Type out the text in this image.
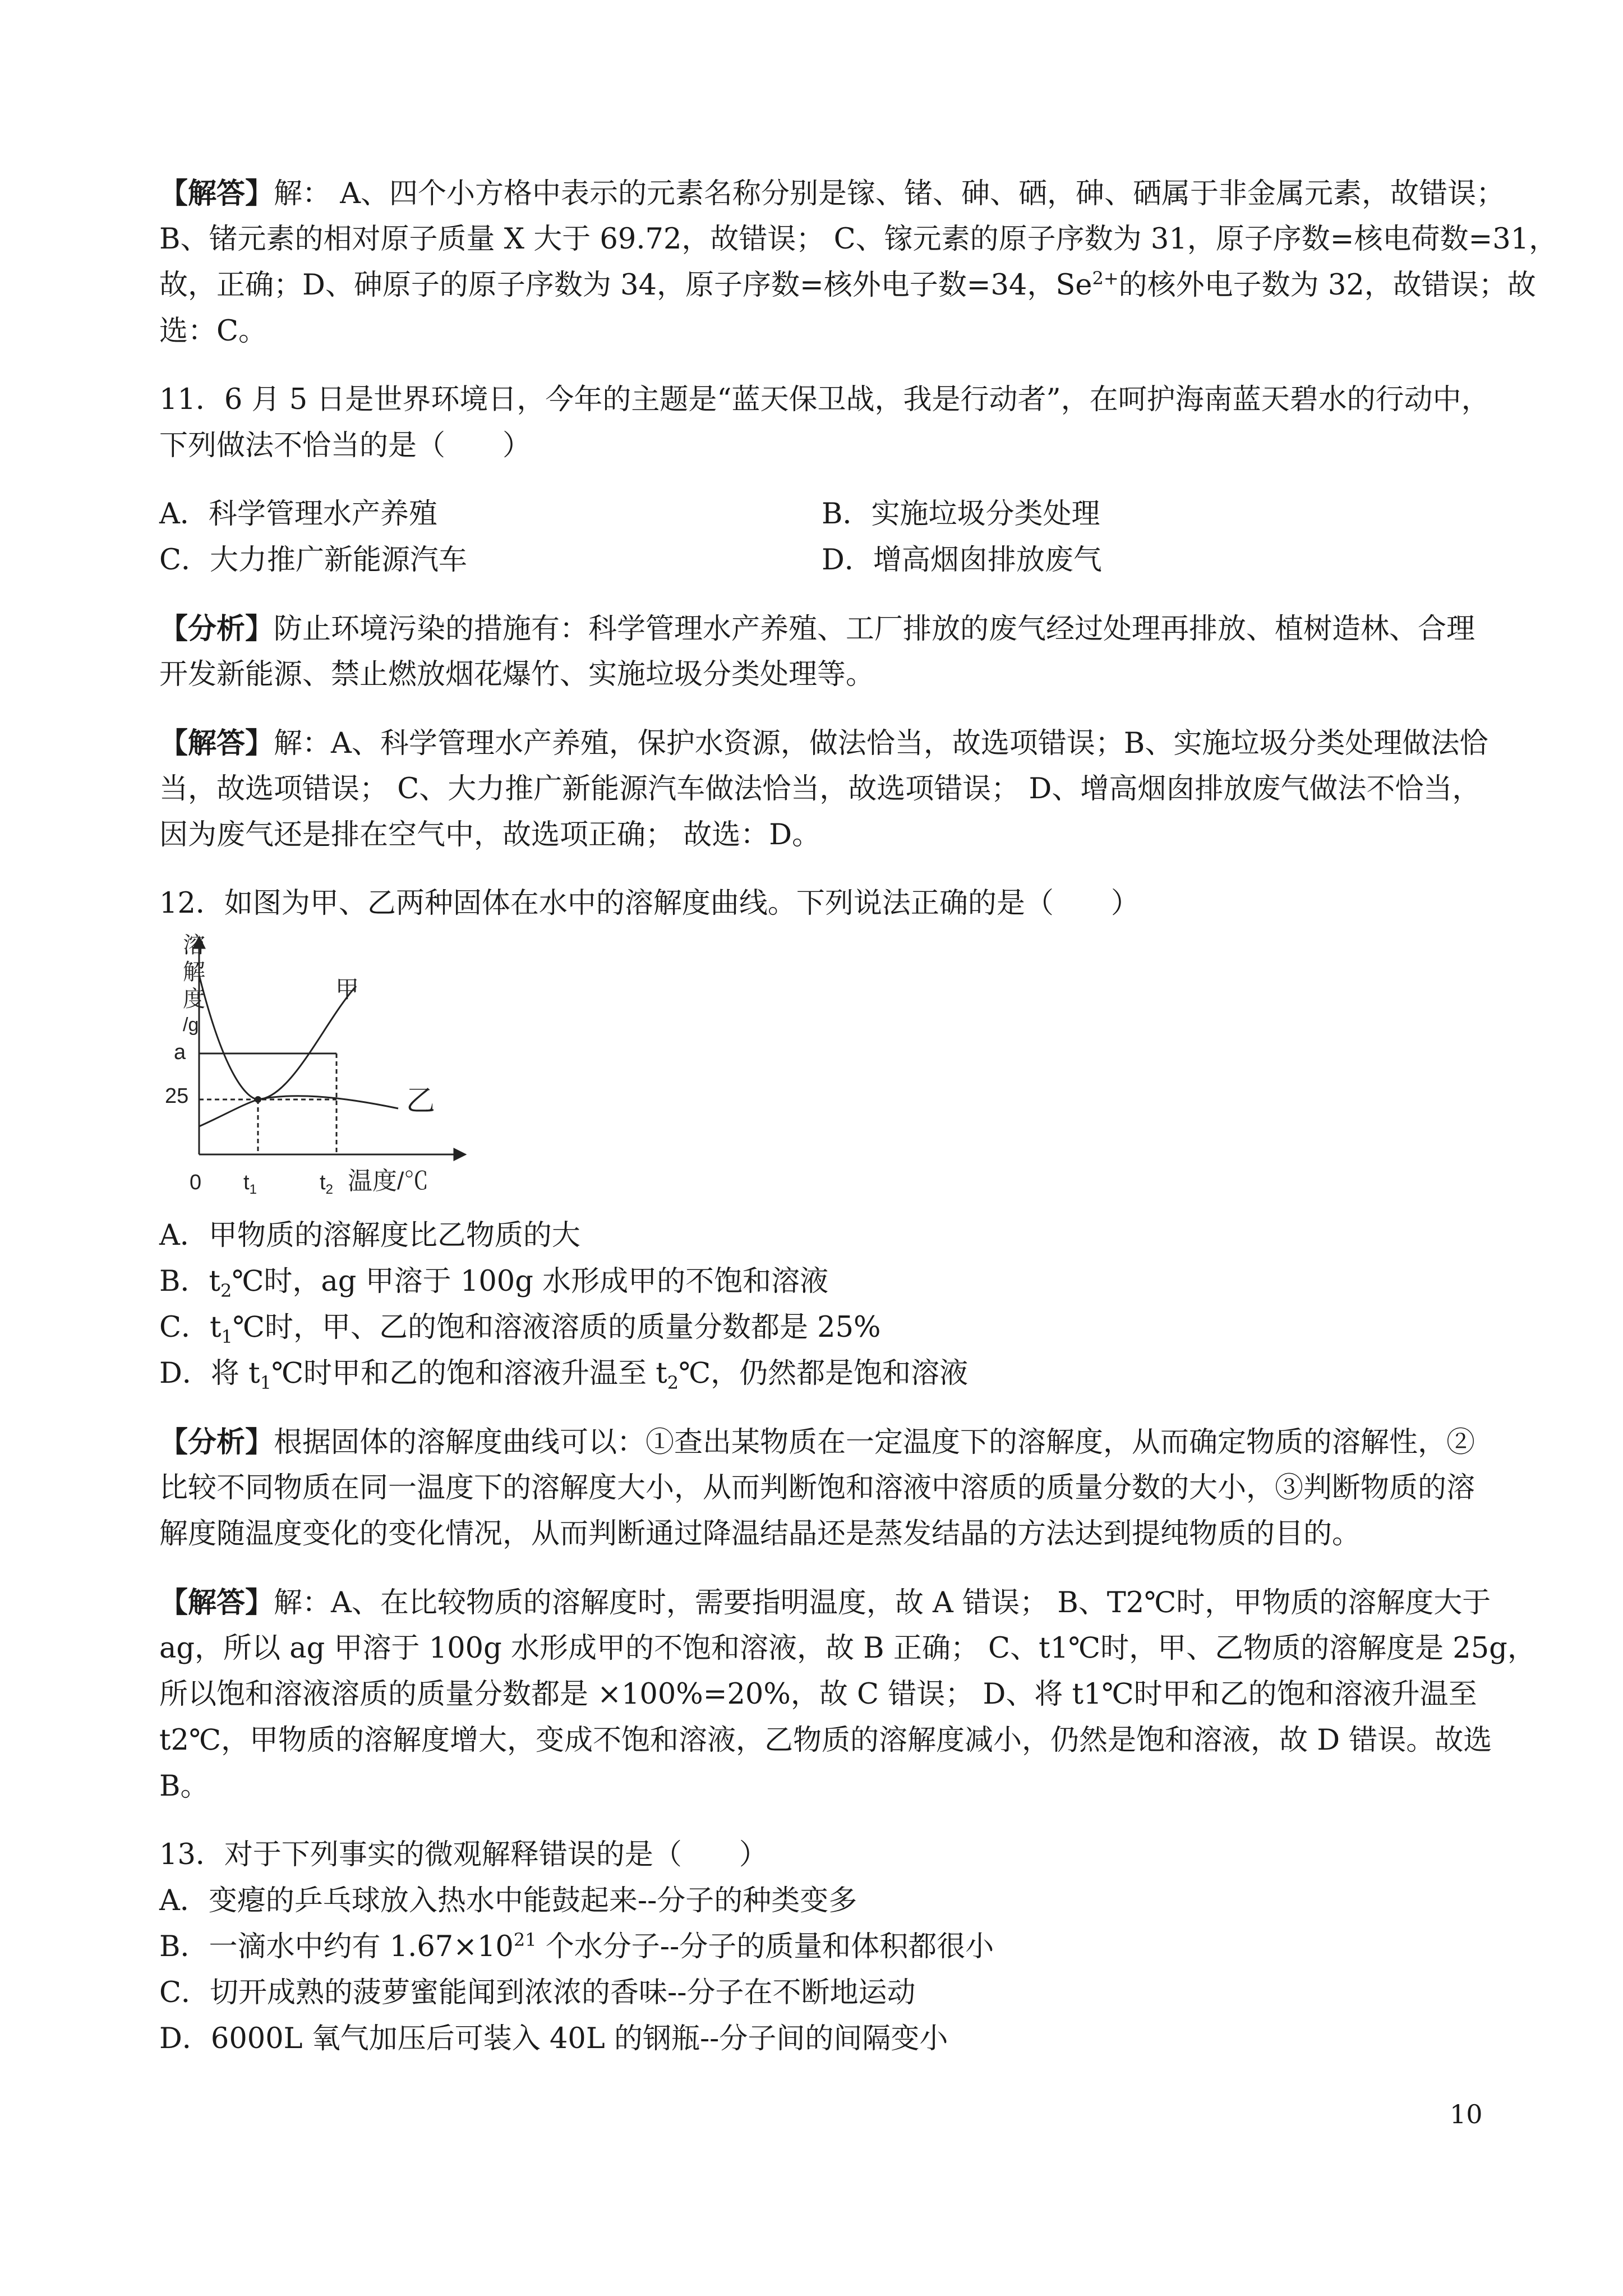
【解答】解： A、四个小方格中表示的元素名称分别是镓、锗、砷、硒，砷、硒属于非金属元素，故错误；
B、锗元素的相对原子质量 X 大于 69.72，故错误； C、镓元素的原子序数为 31，原子序数=核电荷数=31，
故，正确；D、砷原子的原子序数为 34，原子序数=核外电子数=34，$Se^{2+}$的核外电子数为 32，故错误；故
选：C。
11．6 月 5 日是世界环境日，今年的主题是“蓝天保卫战，我是行动者”，在呵护海南蓝天碧水的行动中，
下列做法不恰当的是（　　）
A．科学管理水产养殖	B．实施垃圾分类处理
C．大力推广新能源汽车	D．增高烟囱排放废气
【分析】防止环境污染的措施有：科学管理水产养殖、工厂排放的废气经过处理再排放、植树造林、合理
开发新能源、禁止燃放烟花爆竹、实施垃圾分类处理等。
【解答】解：A、科学管理水产养殖，保护水资源，做法恰当，故选项错误；B、实施垃圾分类处理做法恰
当，故选项错误； C、大力推广新能源汽车做法恰当，故选项错误； D、增高烟囱排放废气做法不恰当，
因为废气还是排在空气中，故选项正确； 故选：D。
12．如图为甲、乙两种固体在水中的溶解度曲线。下列说法正确的是（　　）
溶
解
度
/g
a
25
甲
乙
0 $t_1$	$t_2$ 温度/℃
A．甲物质的溶解度比乙物质的大
B．$t_2℃$时，ag 甲溶于 100g 水形成甲的不饱和溶液
C．$t_1℃$时，甲、乙的饱和溶液溶质的质量分数都是 25%
D．将 $t_1℃$时甲和乙的饱和溶液升温至 $t_2℃$，仍然都是饱和溶液
【分析】根据固体的溶解度曲线可以：①查出某物质在一定温度下的溶解度，从而确定物质的溶解性，②
比较不同物质在同一温度下的溶解度大小，从而判断饱和溶液中溶质的质量分数的大小，③判断物质的溶
解度随温度变化的变化情况，从而判断通过降温结晶还是蒸发结晶的方法达到提纯物质的目的。
【解答】解：A、在比较物质的溶解度时，需要指明温度，故 A 错误； B、T2℃时，甲物质的溶解度大于
ag，所以 ag 甲溶于 100g 水形成甲的不饱和溶液，故 B 正确； C、t1℃时，甲、乙物质的溶解度是 25g，
所以饱和溶液溶质的质量分数都是 ×100%=20%，故 C 错误； D、将 t1℃时甲和乙的饱和溶液升温至
t2℃，甲物质的溶解度增大，变成不饱和溶液，乙物质的溶解度减小，仍然是饱和溶液，故 D 错误。故选
B。
13．对于下列事实的微观解释错误的是（　　）
A．变瘪的乒乓球放入热水中能鼓起来--分子的种类变多
B．一滴水中约有 $1.67\times 10^{21}$ 个水分子--分子的质量和体积都很小
C．切开成熟的菠萝蜜能闻到浓浓的香味--分子在不断地运动
D．6000L 氧气加压后可装入 40L 的钢瓶--分子间的间隔变小
10
